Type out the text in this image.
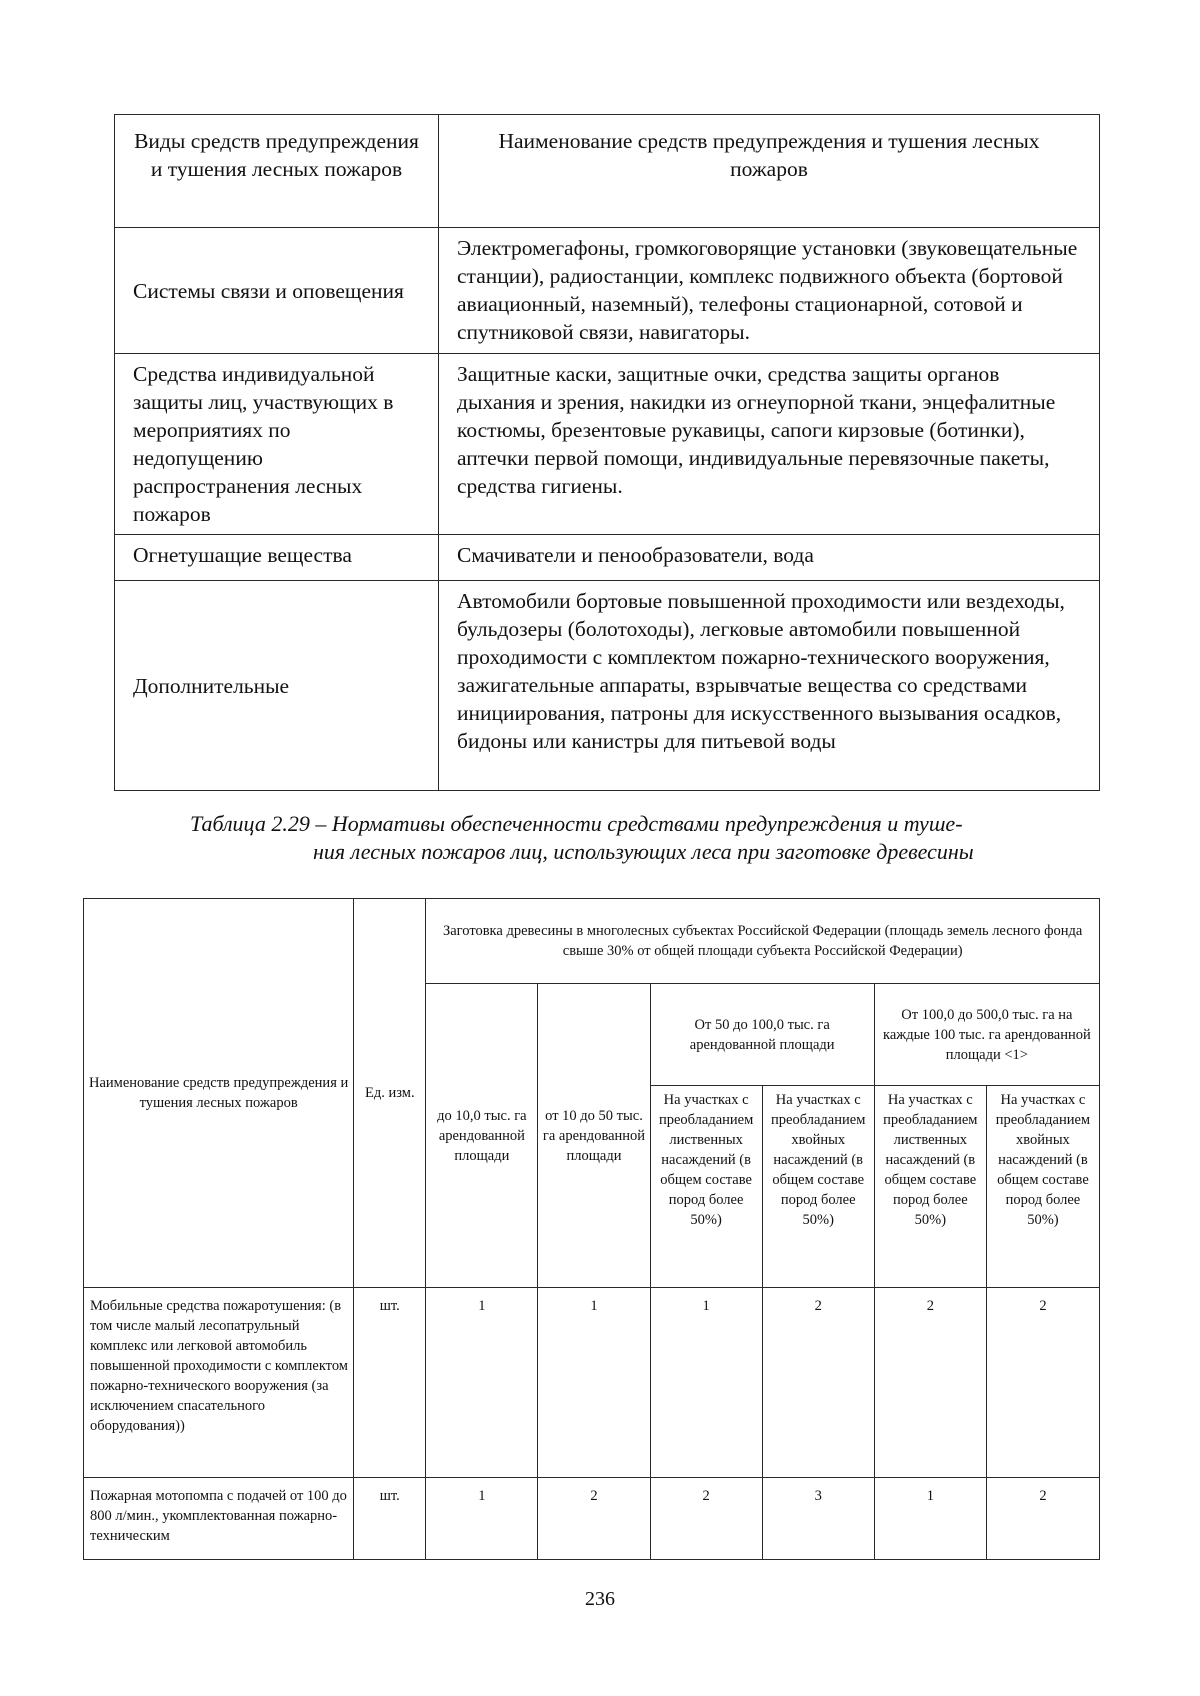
Виды средств предупреждения и тушения лесных пожаров	Наименование средств предупреждения и тушения лесных пожаров
Системы связи и оповещения	Электромегафоны, громкоговорящие установки (звуковещательные станции), радиостанции, комплекс подвижного объекта (бортовой авиационный, наземный), телефоны стационарной, сотовой и спутниковой связи, навигаторы.
Средства индивидуальной защиты лиц, участвующих в мероприятиях по недопущению распространения лесных пожаров	Защитные каски, защитные очки, средства защиты органов дыхания и зрения, накидки из огнеупорной ткани, энцефалитные костюмы, брезентовые рукавицы, сапоги кирзовые (ботинки), аптечки первой помощи, индивидуальные перевязочные пакеты, средства гигиены.
Огнетушащие вещества	Смачиватели и пенообразователи, вода
Дополнительные	Автомобили бортовые повышенной проходимости или вездеходы, бульдозеры (болотоходы), легковые автомобили повышенной проходимости с комплектом пожарно-технического вооружения, зажигательные аппараты, взрывчатые вещества со средствами инициирования, патроны для искусственного вызывания осадков, бидоны или канистры для питьевой воды
Таблица 2.29 – Нормативы обеспеченности средствами предупреждения и туше-
ния лесных пожаров лиц, использующих леса при заготовке древесины
Наименование средств предупреждения и тушения лесных пожаров	Ед. изм.	Заготовка древесины в многолесных субъектах Российской Федерации (площадь земель лесного фонда свыше 30% от общей площади субъекта Российской Федерации)					
		до 10,0 тыс. га арендованной площади	от 10 до 50 тыс. га арендованной площади	От 50 до 100,0 тыс. га арендованной площади		От 100,0 до 500,0 тыс. га на каждые 100 тыс. га арендованной площади <1>	
				На участках с преобладанием лиственных насаждений (в общем составе пород более 50%)	На участках с преобладанием хвойных насаждений (в общем составе пород более 50%)	На участках с преобладанием лиственных насаждений (в общем составе пород более 50%)	На участках с преобладанием хвойных насаждений (в общем составе пород более 50%)
Мобильные средства пожаротушения: (в том числе малый лесопатрульный комплекс или легковой автомобиль повышенной проходимости с комплектом пожарно-технического вооружения (за исключением спасательного оборудования))	шт.	1	1	1	2	2	2
Пожарная мотопомпа с подачей от 100 до 800 л/мин., укомплектованная пожарно-техническим	шт.	1	2	2	3	1	2
236
